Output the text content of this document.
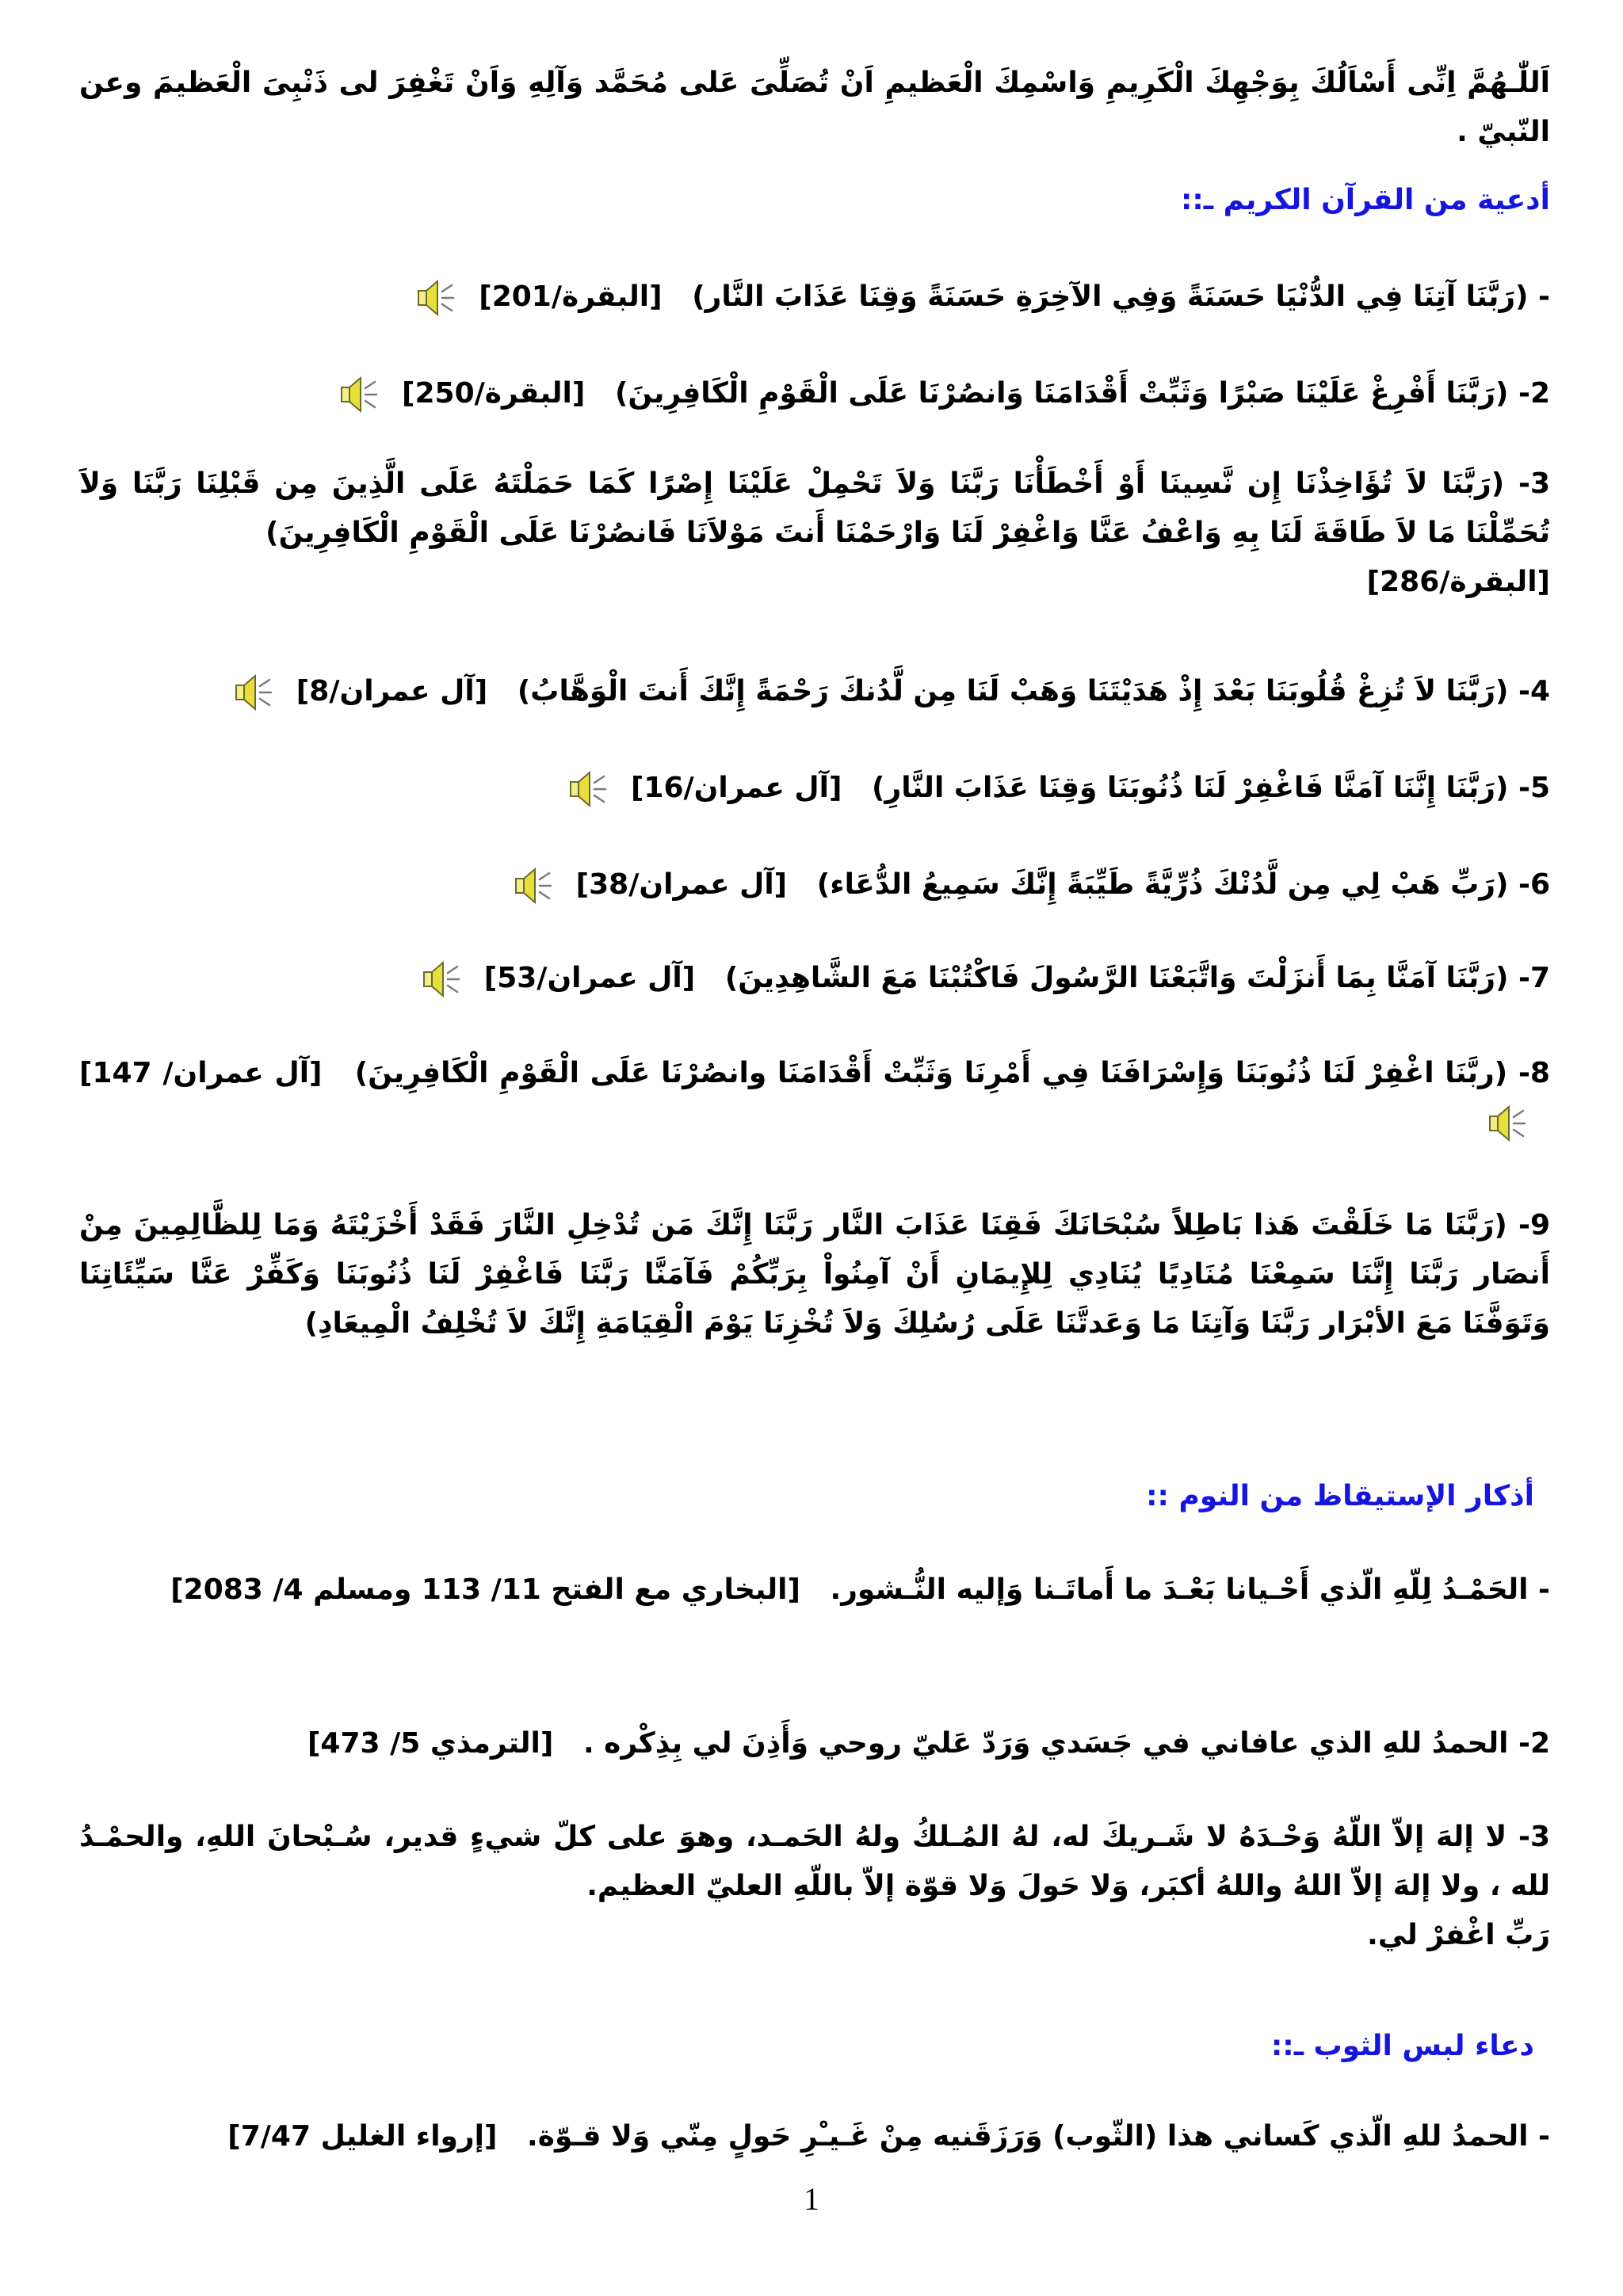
اَللّٰـهُمَّ اِنِّی أَسْاَلُكَ بِوَجْهِكَ الْكَرِیمِ وَاسْمِكَ الْعَظیمِ اَنْ تُصَلِّیَ عَلی مُحَمَّد وَآلِهِ وَاَنْ تَغْفِرَ لی ذَنْبِیَ الْعَظیمَ وعن النّبيّ .
أدعية من القرآن الكريم ـ::
- (رَبَّنَا آتِنَا فِي الدُّنْيَا حَسَنَةً وَفِي الآخِرَةِ حَسَنَةً وَقِنَا عَذَابَ النَّار)   [البقرة/201]
2- (رَبَّنَا أَفْرِغْ عَلَيْنَا صَبْرًا وَثَبِّتْ أَقْدَامَنَا وَانصُرْنَا عَلَى الْقَوْمِ الْكَافِرِينَ)   [البقرة/250]
3- (رَبَّنَا لاَ تُؤَاخِذْنَا إِن نَّسِينَا أَوْ أَخْطَأْنَا رَبَّنَا وَلاَ تَحْمِلْ عَلَيْنَا إِصْرًا كَمَا حَمَلْتَهُ عَلَى الَّذِينَ مِن قَبْلِنَا رَبَّنَا وَلاَ تُحَمِّلْنَا مَا لاَ طَاقَةَ لَنَا بِهِ وَاعْفُ عَنَّا وَاغْفِرْ لَنَا وَارْحَمْنَا أَنتَ مَوْلاَنَا فَانصُرْنَا عَلَى الْقَوْمِ الْكَافِرِينَ)
[البقرة/286]
4- (رَبَّنَا لاَ تُزِغْ قُلُوبَنَا بَعْدَ إِذْ هَدَيْتَنَا وَهَبْ لَنَا مِن لَّدُنكَ رَحْمَةً إِنَّكَ أَنتَ الْوَهَّابُ)   [آل عمران/8]
5- (رَبَّنَا إِنَّنَا آمَنَّا فَاغْفِرْ لَنَا ذُنُوبَنَا وَقِنَا عَذَابَ النَّارِ)   [آل عمران/16]
6- (رَبِّ هَبْ لِي مِن لَّدُنْكَ ذُرِّيَّةً طَيِّبَةً إِنَّكَ سَمِيعُ الدُّعَاء)   [آل عمران/38]
7- (رَبَّنَا آمَنَّا بِمَا أَنزَلْتَ وَاتَّبَعْنَا الرَّسُولَ فَاكْتُبْنَا مَعَ الشَّاهِدِينَ)   [آل عمران/53]
8- (ربَّنَا اغْفِرْ لَنَا ذُنُوبَنَا وَإِسْرَافَنَا فِي أَمْرِنَا وَثَبِّتْ أَقْدَامَنَا وانصُرْنَا عَلَى الْقَوْمِ الْكَافِرِينَ)   [آل عمران/ 147]
9- (رَبَّنَا مَا خَلَقْتَ هَذا بَاطِلاً سُبْحَانَكَ فَقِنَا عَذَابَ النَّار رَبَّنَا إِنَّكَ مَن تُدْخِلِ النَّارَ فَقَدْ أَخْزَيْتَهُ وَمَا لِلظَّالِمِينَ مِنْ أَنصَار رَبَّنَا إِنَّنَا سَمِعْنَا مُنَادِيًا يُنَادِي لِلإِيمَانِ أَنْ آمِنُواْ بِرَبِّكُمْ فَآمَنَّا رَبَّنَا فَاغْفِرْ لَنَا ذُنُوبَنَا وَكَفِّرْ عَنَّا سَيِّئَاتِنَا وَتَوَفَّنَا مَعَ الأبْرَار رَبَّنَا وَآتِنَا مَا وَعَدتَّنَا عَلَى رُسُلِكَ وَلاَ تُخْزِنَا يَوْمَ الْقِيَامَةِ إِنَّكَ لاَ تُخْلِفُ الْمِيعَادِ)
أذكار الإستيقاظ من النوم ::
- الحَمْـدُ لِلّهِ الّذي أَحْـيانا بَعْـدَ ما أَماتَـنا وَإليه النُّـشور.   [البخاري مع الفتح 11/ 113 ومسلم 4/ 2083]
2- الحمدُ للهِ الذي عافاني في جَسَدي وَرَدّ عَليّ روحي وَأَذِنَ لي بِذِكْره .   [الترمذي 5/ 473]
3- لا إلهَ إلاّ اللّهُ وَحْـدَهُ لا شَـريكَ له، لهُ المُـلكُ ولهُ الحَمـد، وهوَ على كلّ شيءٍ قدير، سُـبْحانَ اللهِ، والحمْـدُ لله ، ولا إلهَ إلاّ اللهُ واللهُ أكبَر، وَلا حَولَ وَلا قوّة إلاّ باللّهِ العليّ العظيم.
رَبِّ اغْفرْ لي.
دعاء لبس الثوب ـ::
- الحمدُ للهِ الّذي كَساني هذا (الثّوب) وَرَزَقَنيه مِنْ غَـيـْرِ حَولٍ مِنّي وَلا قـوّة.   [إرواء الغليل 7/47]
1
